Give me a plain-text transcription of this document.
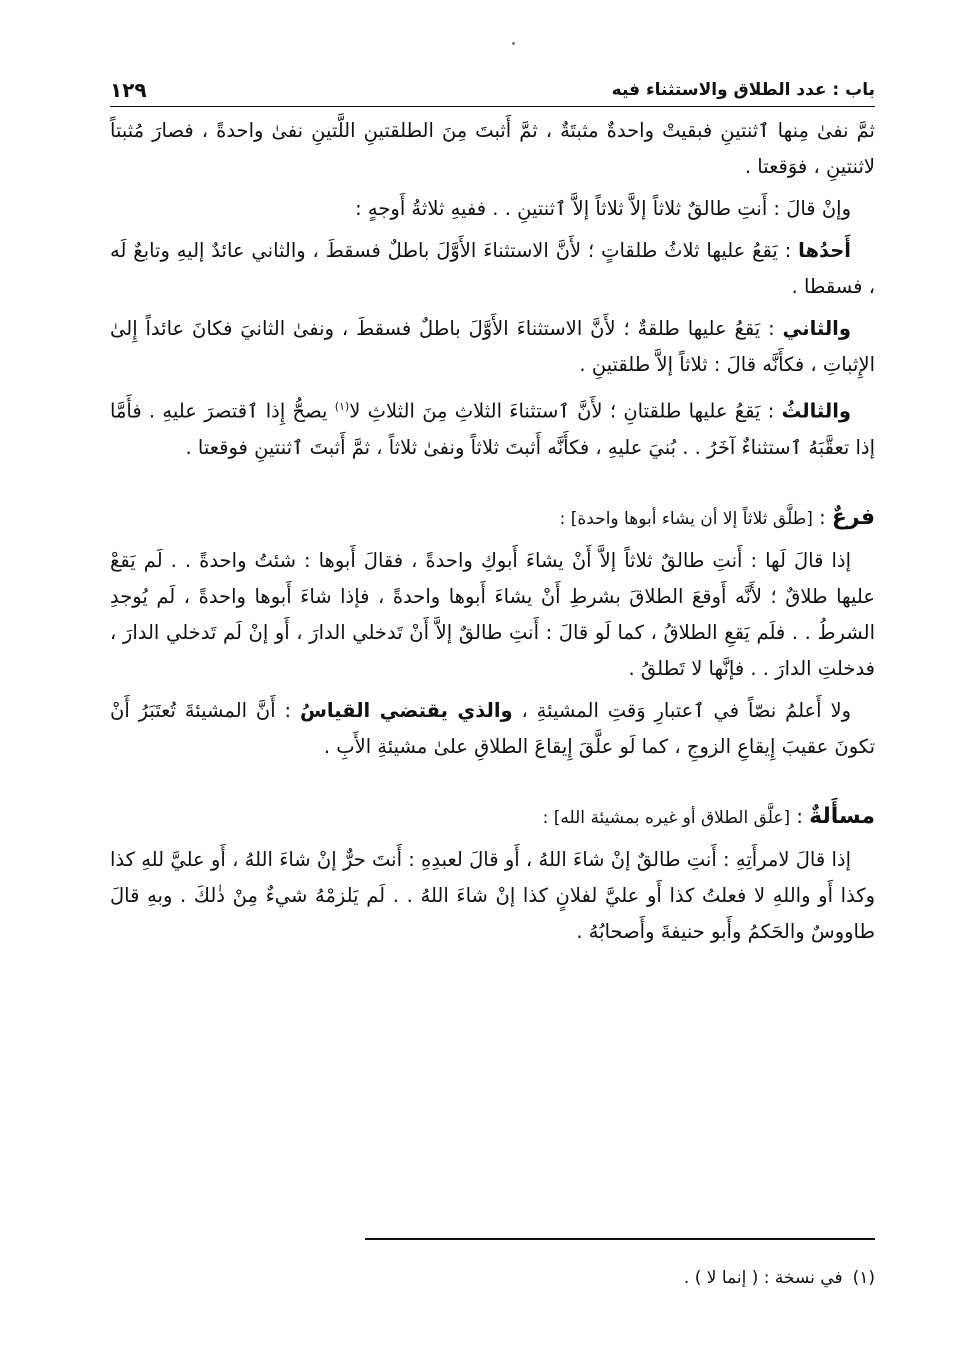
باب : عدد الطلاق والاستثناء فيه
١٢٩

ثمَّ نفىٰ مِنها ٱثنتينِ فبقيتْ واحدةٌ مثبتَةٌ ، ثمَّ أَثبتَ مِنَ الطلقتينِ اللَّتينِ نفىٰ واحدةً ، فصارَ مُثبتاً لاثنتينِ ، فوَقعتا .

وإنْ قالَ : أَنتِ طالقٌ ثلاثاً إلاَّ ثلاثاً إلاَّ ٱثنتينِ . . ففيهِ ثلاثةُ أَوجهٍ :

أَحدُها : يَقعُ عليها ثلاثُ طلقاتٍ ؛ لأَنَّ الاستثناءَ الأَوَّلَ باطلٌ فسقطَ ، والثاني عائدٌ إليهِ وتابعٌ لَه ، فسقطا .

والثاني : يَقعُ عليها طلقةٌ ؛ لأَنَّ الاستثناءَ الأَوَّلَ باطلٌ فسقطَ ، ونفىٰ الثانيَ فكانَ عائداً إِلىٰ الإِثباتِ ، فكأَنَّه قالَ : ثلاثاً إلاَّ طلقتينِ .

والثالثُ : يَقعُ عليها طلقتانِ ؛ لأَنَّ ٱستثناءَ الثلاثِ مِنَ الثلاثِ لا$^{(١)}$ يصحُّ إِذا ٱقتصرَ عليهِ . فأَمَّا إذا تعقَّبَهُ ٱستثناءٌ آخَرُ . . بُنيَ عليهِ ، فكأَنَّه أَثبتَ ثلاثاً ونفىٰ ثلاثاً ، ثمَّ أَثبتَ ٱثنتينِ فوقعتا .

فرعٌ : [طلَّق ثلاثاً إلا أن يشاء أبوها واحدة] :

إذا قالَ لَها : أَنتِ طالقٌ ثلاثاً إلاَّ أَنْ يشاءَ أَبوكِ واحدةً ، فقالَ أَبوها : شئتُ واحدةً . . لَم يَقعْ عليها طلاقٌ ؛ لأَنَّه أَوقعَ الطلاقَ بشرطِ أَنْ يشاءَ أَبوها واحدةً ، فإذا شاءَ أَبوها واحدةً ، لَم يُوجدِ الشرطُ . . فلَم يَقعِ الطلاقُ ، كما لَو قالَ : أَنتِ طالقٌ إلاَّ أَنْ تَدخلي الدارَ ، أَو إنْ لَم تَدخلي الدارَ ، فدخلتِ الدارَ . . فإنَّها لا تَطلقُ .

ولا أَعلمُ نصّاً في ٱعتبارِ وَقتِ المشيئةِ ، والذي يقتضي القياسُ : أَنَّ المشيئةَ تُعتَبَرُ أَنْ تكونَ عقيبَ إِيقاعِ الزوجِ ، كما لَو علَّقَ إِيقاعَ الطلاقِ علىٰ مشيئةِ الأَبِ .

مسأَلةٌ : [علَّق الطلاق أو غيره بمشيئة الله] :

إذا قالَ لامرأَتِهِ : أَنتِ طالقٌ إنْ شاءَ اللهُ ، أَو قالَ لعبدِهِ : أَنتَ حرٌّ إنْ شاءَ اللهُ ، أَو عليَّ للهِ كذا وكذا أَو واللهِ لا فعلتُ كذا أَو عليَّ لفلانٍ كذا إنْ شاءَ اللهُ . . لَم يَلزمْهُ شيءٌ مِنْ ذٰلكَ . وبهِ قالَ طاووسٌ والحَكمُ وأَبو حنيفةَ وأَصحابُهُ .

(١)في نسخة : ( إنما لا ) .
